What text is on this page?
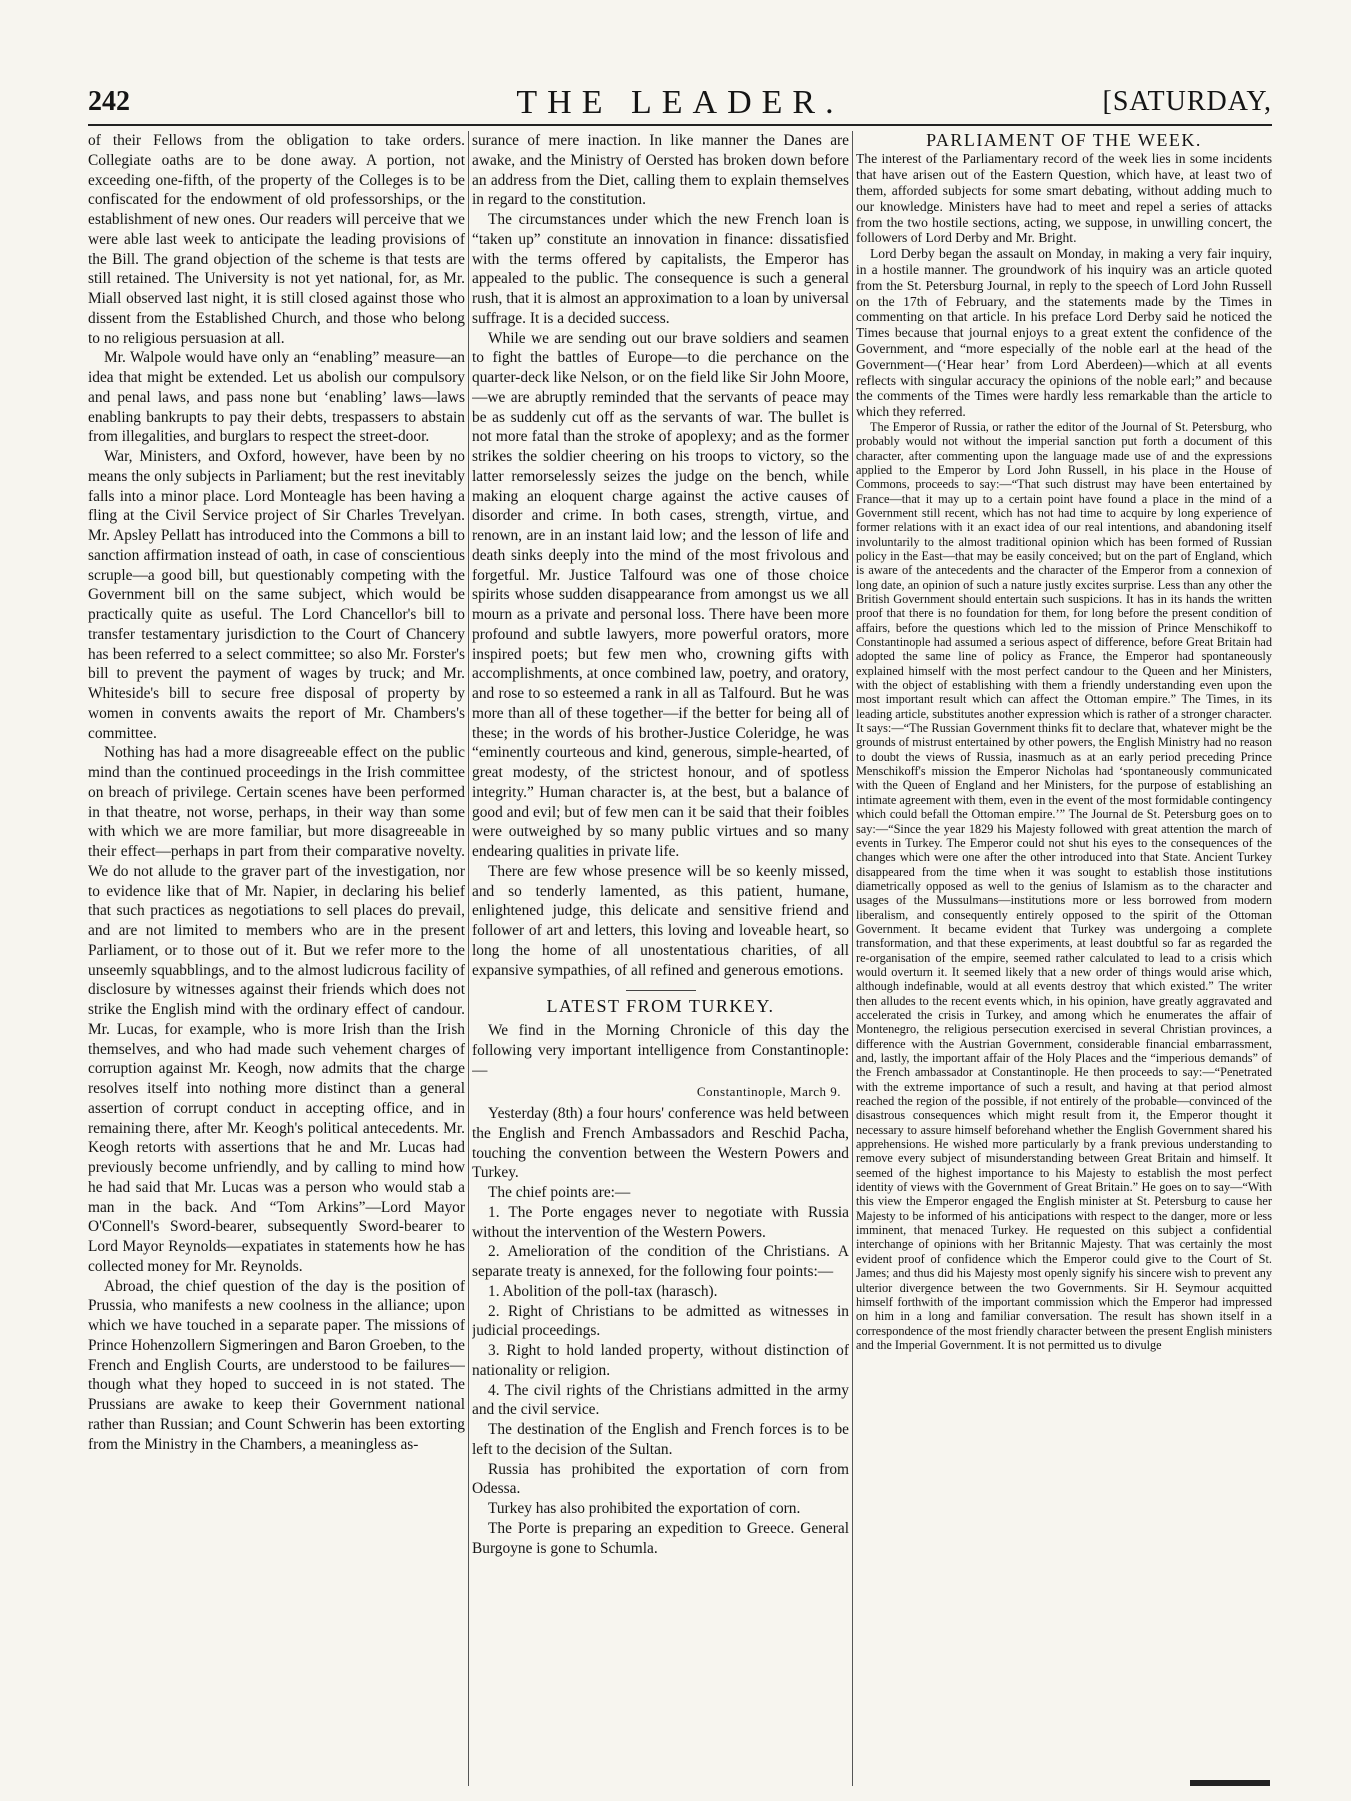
242	THE LEADER.	[SATURDAY,

of their Fellows from the obligation to take orders. Collegiate oaths are to be done away. A portion, not exceeding one-fifth, of the property of the Colleges is to be confiscated for the endowment of old professorships, or the establishment of new ones. Our readers will perceive that we were able last week to anticipate the leading provisions of the Bill. The grand objection of the scheme is that tests are still retained. The University is not yet national, for, as Mr. Miall observed last night, it is still closed against those who dissent from the Established Church, and those who belong to no religious persuasion at all.

Mr. Walpole would have only an “enabling” measure—an idea that might be extended. Let us abolish our compulsory and penal laws, and pass none but ‘enabling’ laws—laws enabling bankrupts to pay their debts, trespassers to abstain from illegalities, and burglars to respect the street-door.

War, Ministers, and Oxford, however, have been by no means the only subjects in Parliament; but the rest inevitably falls into a minor place. Lord Monteagle has been having a fling at the Civil Service project of Sir Charles Trevelyan. Mr. Apsley Pellatt has introduced into the Commons a bill to sanction affirmation instead of oath, in case of conscientious scruple—a good bill, but questionably competing with the Government bill on the same subject, which would be practically quite as useful. The Lord Chancellor's bill to transfer testamentary jurisdiction to the Court of Chancery has been referred to a select committee; so also Mr. Forster's bill to prevent the payment of wages by truck; and Mr. Whiteside's bill to secure free disposal of property by women in convents awaits the report of Mr. Chambers's committee.

Nothing has had a more disagreeable effect on the public mind than the continued proceedings in the Irish committee on breach of privilege. Certain scenes have been performed in that theatre, not worse, perhaps, in their way than some with which we are more familiar, but more disagreeable in their effect—perhaps in part from their comparative novelty. We do not allude to the graver part of the investigation, nor to evidence like that of Mr. Napier, in declaring his belief that such practices as negotiations to sell places do prevail, and are not limited to members who are in the present Parliament, or to those out of it. But we refer more to the unseemly squabblings, and to the almost ludicrous facility of disclosure by witnesses against their friends which does not strike the English mind with the ordinary effect of candour. Mr. Lucas, for example, who is more Irish than the Irish themselves, and who had made such vehement charges of corruption against Mr. Keogh, now admits that the charge resolves itself into nothing more distinct than a general assertion of corrupt conduct in accepting office, and in remaining there, after Mr. Keogh's political antecedents. Mr. Keogh retorts with assertions that he and Mr. Lucas had previously become unfriendly, and by calling to mind how he had said that Mr. Lucas was a person who would stab a man in the back. And “Tom Arkins”—Lord Mayor O'Connell's Sword-bearer, subsequently Sword-bearer to Lord Mayor Reynolds—expatiates in statements how he has collected money for Mr. Reynolds.

Abroad, the chief question of the day is the position of Prussia, who manifests a new coolness in the alliance; upon which we have touched in a separate paper. The missions of Prince Hohenzollern Sigmeringen and Baron Groeben, to the French and English Courts, are understood to be failures—though what they hoped to succeed in is not stated. The Prussians are awake to keep their Government national rather than Russian; and Count Schwerin has been extorting from the Ministry in the Chambers, a meaningless as-

surance of mere inaction. In like manner the Danes are awake, and the Ministry of Oersted has broken down before an address from the Diet, calling them to explain themselves in regard to the constitution.

The circumstances under which the new French loan is “taken up” constitute an innovation in finance: dissatisfied with the terms offered by capitalists, the Emperor has appealed to the public. The consequence is such a general rush, that it is almost an approximation to a loan by universal suffrage. It is a decided success.

While we are sending out our brave soldiers and seamen to fight the battles of Europe—to die perchance on the quarter-deck like Nelson, or on the field like Sir John Moore,—we are abruptly reminded that the servants of peace may be as suddenly cut off as the servants of war. The bullet is not more fatal than the stroke of apoplexy; and as the former strikes the soldier cheering on his troops to victory, so the latter remorselessly seizes the judge on the bench, while making an eloquent charge against the active causes of disorder and crime. In both cases, strength, virtue, and renown, are in an instant laid low; and the lesson of life and death sinks deeply into the mind of the most frivolous and forgetful. Mr. Justice Talfourd was one of those choice spirits whose sudden disappearance from amongst us we all mourn as a private and personal loss. There have been more profound and subtle lawyers, more powerful orators, more inspired poets; but few men who, crowning gifts with accomplishments, at once combined law, poetry, and oratory, and rose to so esteemed a rank in all as Talfourd. But he was more than all of these together—if the better for being all of these; in the words of his brother-Justice Coleridge, he was “eminently courteous and kind, generous, simple-hearted, of great modesty, of the strictest honour, and of spotless integrity.” Human character is, at the best, but a balance of good and evil; but of few men can it be said that their foibles were outweighed by so many public virtues and so many endearing qualities in private life.

There are few whose presence will be so keenly missed, and so tenderly lamented, as this patient, humane, enlightened judge, this delicate and sensitive friend and follower of art and letters, this loving and loveable heart, so long the home of all unostentatious charities, of all expansive sympathies, of all refined and generous emotions.

LATEST FROM TURKEY.

We find in the Morning Chronicle of this day the following very important intelligence from Constantinople:—

Constantinople, March 9.

Yesterday (8th) a four hours' conference was held between the English and French Ambassadors and Reschid Pacha, touching the convention between the Western Powers and Turkey.

The chief points are:—

1. The Porte engages never to negotiate with Russia without the intervention of the Western Powers.
2. Amelioration of the condition of the Christians. A separate treaty is annexed, for the following four points:—
1. Abolition of the poll-tax (harasch).
2. Right of Christians to be admitted as witnesses in judicial proceedings.
3. Right to hold landed property, without distinction of nationality or religion.
4. The civil rights of the Christians admitted in the army and the civil service.

The destination of the English and French forces is to be left to the decision of the Sultan.

Russia has prohibited the exportation of corn from Odessa.

Turkey has also prohibited the exportation of corn.

The Porte is preparing an expedition to Greece. General Burgoyne is gone to Schumla.

PARLIAMENT OF THE WEEK.

The interest of the Parliamentary record of the week lies in some incidents that have arisen out of the Eastern Question, which have, at least two of them, afforded subjects for some smart debating, without adding much to our knowledge. Ministers have had to meet and repel a series of attacks from the two hostile sections, acting, we suppose, in unwilling concert, the followers of Lord Derby and Mr. Bright.

Lord Derby began the assault on Monday, in making a very fair inquiry, in a hostile manner. The groundwork of his inquiry was an article quoted from the St. Petersburg Journal, in reply to the speech of Lord John Russell on the 17th of February, and the statements made by the Times in commenting on that article. In his preface Lord Derby said he noticed the Times because that journal enjoys to a great extent the confidence of the Government, and “more especially of the noble earl at the head of the Government—(‘Hear hear’ from Lord Aberdeen)—which at all events reflects with singular accuracy the opinions of the noble earl;” and because the comments of the Times were hardly less remarkable than the article to which they referred.

The Emperor of Russia, or rather the editor of the Journal of St. Petersburg, who probably would not without the imperial sanction put forth a document of this character, after commenting upon the language made use of and the expressions applied to the Emperor by Lord John Russell, in his place in the House of Commons, proceeds to say:—“That such distrust may have been entertained by France—that it may up to a certain point have found a place in the mind of a Government still recent, which has not had time to acquire by long experience of former relations with it an exact idea of our real intentions, and abandoning itself involuntarily to the almost traditional opinion which has been formed of Russian policy in the East—that may be easily conceived; but on the part of England, which is aware of the antecedents and the character of the Emperor from a connexion of long date, an opinion of such a nature justly excites surprise. Less than any other the British Government should entertain such suspicions. It has in its hands the written proof that there is no foundation for them, for long before the present condition of affairs, before the questions which led to the mission of Prince Menschikoff to Constantinople had assumed a serious aspect of difference, before Great Britain had adopted the same line of policy as France, the Emperor had spontaneously explained himself with the most perfect candour to the Queen and her Ministers, with the object of establishing with them a friendly understanding even upon the most important result which can affect the Ottoman empire.” The Times, in its leading article, substitutes another expression which is rather of a stronger character. It says:—“The Russian Government thinks fit to declare that, whatever might be the grounds of mistrust entertained by other powers, the English Ministry had no reason to doubt the views of Russia, inasmuch as at an early period preceding Prince Menschikoff's mission the Emperor Nicholas had ‘spontaneously communicated with the Queen of England and her Ministers, for the purpose of establishing an intimate agreement with them, even in the event of the most formidable contingency which could befall the Ottoman empire.’” The Journal de St. Petersburg goes on to say:—“Since the year 1829 his Majesty followed with great attention the march of events in Turkey. The Emperor could not shut his eyes to the consequences of the changes which were one after the other introduced into that State. Ancient Turkey disappeared from the time when it was sought to establish those institutions diametrically opposed as well to the genius of Islamism as to the character and usages of the Mussulmans—institutions more or less borrowed from modern liberalism, and consequently entirely opposed to the spirit of the Ottoman Government. It became evident that Turkey was undergoing a complete transformation, and that these experiments, at least doubtful so far as regarded the re-organisation of the empire, seemed rather calculated to lead to a crisis which would overturn it. It seemed likely that a new order of things would arise which, although indefinable, would at all events destroy that which existed.” The writer then alludes to the recent events which, in his opinion, have greatly aggravated and accelerated the crisis in Turkey, and among which he enumerates the affair of Montenegro, the religious persecution exercised in several Christian provinces, a difference with the Austrian Government, considerable financial embarrassment, and, lastly, the important affair of the Holy Places and the “imperious demands” of the French ambassador at Constantinople. He then proceeds to say:—“Penetrated with the extreme importance of such a result, and having at that period almost reached the region of the possible, if not entirely of the probable—convinced of the disastrous consequences which might result from it, the Emperor thought it necessary to assure himself beforehand whether the English Government shared his apprehensions. He wished more particularly by a frank previous understanding to remove every subject of misunderstanding between Great Britain and himself. It seemed of the highest importance to his Majesty to establish the most perfect identity of views with the Government of Great Britain.” He goes on to say—“With this view the Emperor engaged the English minister at St. Petersburg to cause her Majesty to be informed of his anticipations with respect to the danger, more or less imminent, that menaced Turkey. He requested on this subject a confidential interchange of opinions with her Britannic Majesty. That was certainly the most evident proof of confidence which the Emperor could give to the Court of St. James; and thus did his Majesty most openly signify his sincere wish to prevent any ulterior divergence between the two Governments. Sir H. Seymour acquitted himself forthwith of the important commission which the Emperor had impressed on him in a long and familiar conversation. The result has shown itself in a correspondence of the most friendly character between the present English ministers and the Imperial Government. It is not permitted us to divulge
